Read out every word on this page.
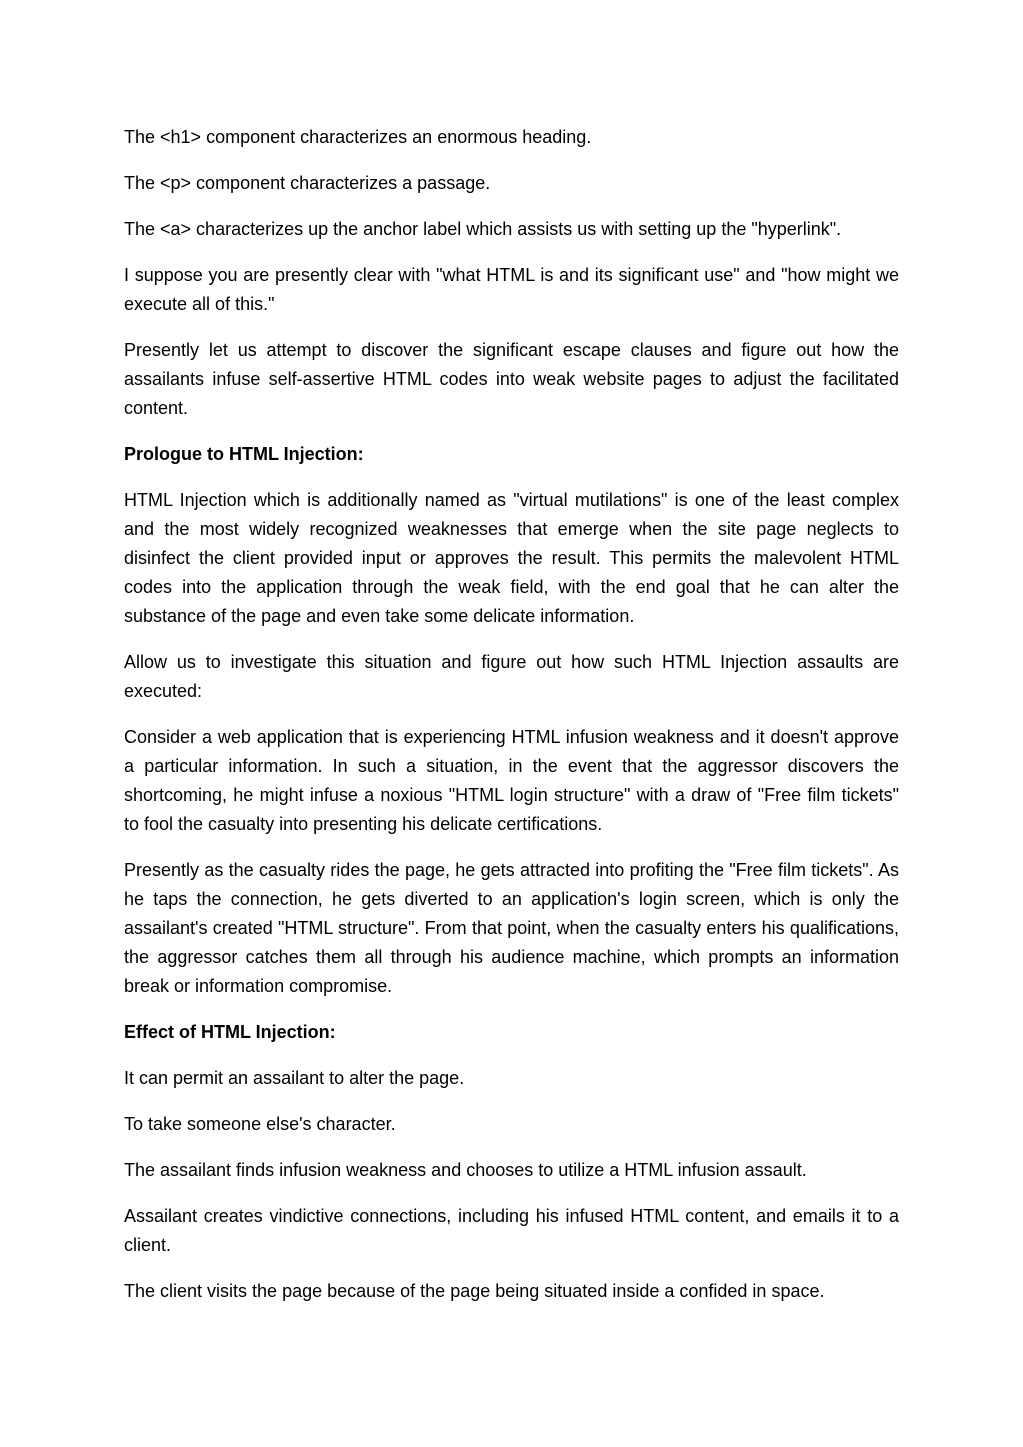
The <h1> component characterizes an enormous heading.

The <p> component characterizes a passage.

The <a> characterizes up the anchor label which assists us with setting up the "hyperlink".

I suppose you are presently clear with "what HTML is and its significant use" and "how might we execute all of this."

Presently let us attempt to discover the significant escape clauses and figure out how the assailants infuse self-assertive HTML codes into weak website pages to adjust the facilitated content.

Prologue to HTML Injection:

HTML Injection which is additionally named as "virtual mutilations" is one of the least complex and the most widely recognized weaknesses that emerge when the site page neglects to disinfect the client provided input or approves the result. This permits the malevolent HTML codes into the application through the weak field, with the end goal that he can alter the substance of the page and even take some delicate information.

Allow us to investigate this situation and figure out how such HTML Injection assaults are executed:

Consider a web application that is experiencing HTML infusion weakness and it doesn't approve a particular information. In such a situation, in the event that the aggressor discovers the shortcoming, he might infuse a noxious "HTML login structure" with a draw of "Free film tickets" to fool the casualty into presenting his delicate certifications.

Presently as the casualty rides the page, he gets attracted into profiting the "Free film tickets". As he taps the connection, he gets diverted to an application's login screen, which is only the assailant's created "HTML structure". From that point, when the casualty enters his qualifications, the aggressor catches them all through his audience machine, which prompts an information break or information compromise.

Effect of HTML Injection:

It can permit an assailant to alter the page.

To take someone else's character.

The assailant finds infusion weakness and chooses to utilize a HTML infusion assault.

Assailant creates vindictive connections, including his infused HTML content, and emails it to a client.

The client visits the page because of the page being situated inside a confided in space.
